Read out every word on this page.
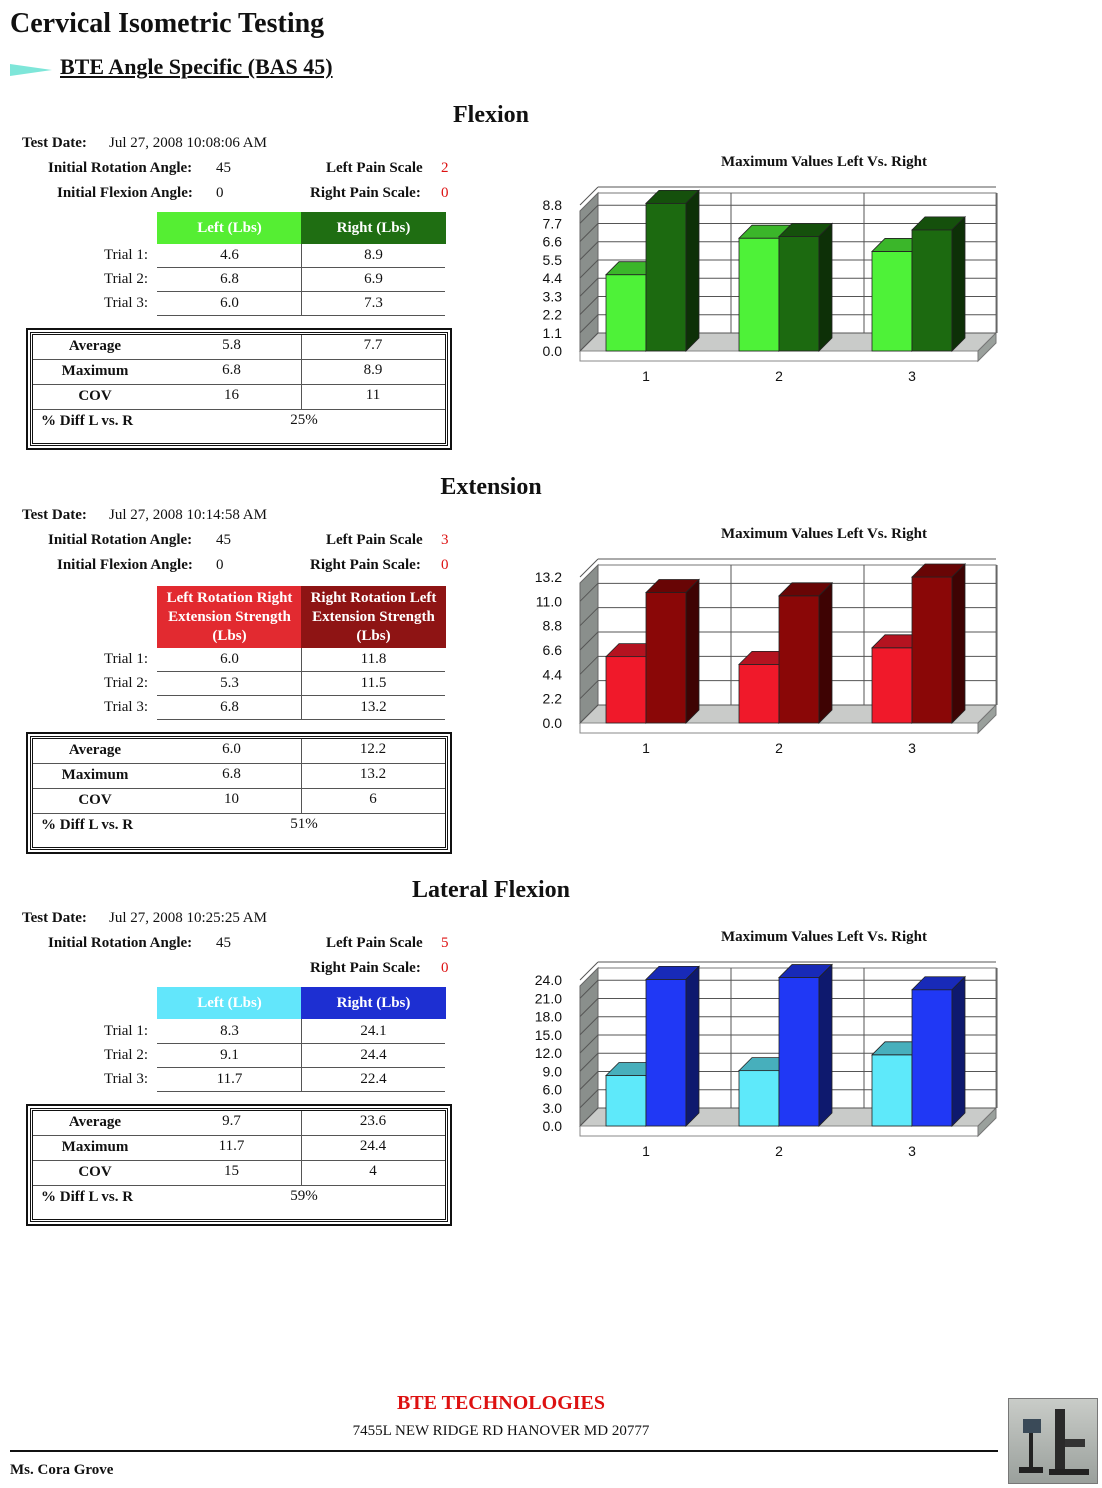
Cervical Isometric Testing
BTE Angle Specific (BAS 45)
Flexion
Test Date: Jul 27, 2008 10:08:06 AM
Initial Rotation Angle: 45
Initial Flexion Angle: 0
Left Pain Scale 2
Right Pain Scale: 0
Left (Lbs)	Right (Lbs)
Trial 1:	4.6	8.9
Trial 2:	6.8	6.9
Trial 3:	6.0	7.3
Average	5.8	7.7
Maximum	6.8	8.9
COV	16	11
% Diff L vs. R	25%
Maximum Values Left Vs. Right
0.0
1.1
2.2
3.3
4.4
5.5
6.6
7.7
8.8
1	2	3
Extension
Test Date: Jul 27, 2008 10:14:58 AM
Initial Rotation Angle: 45
Initial Flexion Angle: 0
Left Pain Scale 3
Right Pain Scale: 0
Left Rotation Right Extension Strength (Lbs)
Right Rotation Left Extension Strength (Lbs)
Trial 1:	6.0	11.8
Trial 2:	5.3	11.5
Trial 3:	6.8	13.2
Average	6.0	12.2
Maximum	6.8	13.2
COV	10	6
% Diff L vs. R	51%
Maximum Values Left Vs. Right
0.0
2.2
4.4
6.6
8.8
11.0
13.2
1	2	3
Lateral Flexion
Test Date: Jul 27, 2008 10:25:25 AM
Initial Rotation Angle: 45	Left Pain Scale 5
Right Pain Scale: 0
Left (Lbs)	Right (Lbs)
Trial 1:	8.3	24.1
Trial 2:	9.1	24.4
Trial 3:	11.7	22.4
Average	9.7	23.6
Maximum	11.7	24.4
COV	15	4
% Diff L vs. R	59%
Maximum Values Left Vs. Right
0.0
3.0
6.0
9.0
12.0
15.0
18.0
21.0
24.0
1	2	3
BTE TECHNOLOGIES
7455L NEW RIDGE RD HANOVER MD 20777
Ms. Cora Grove
